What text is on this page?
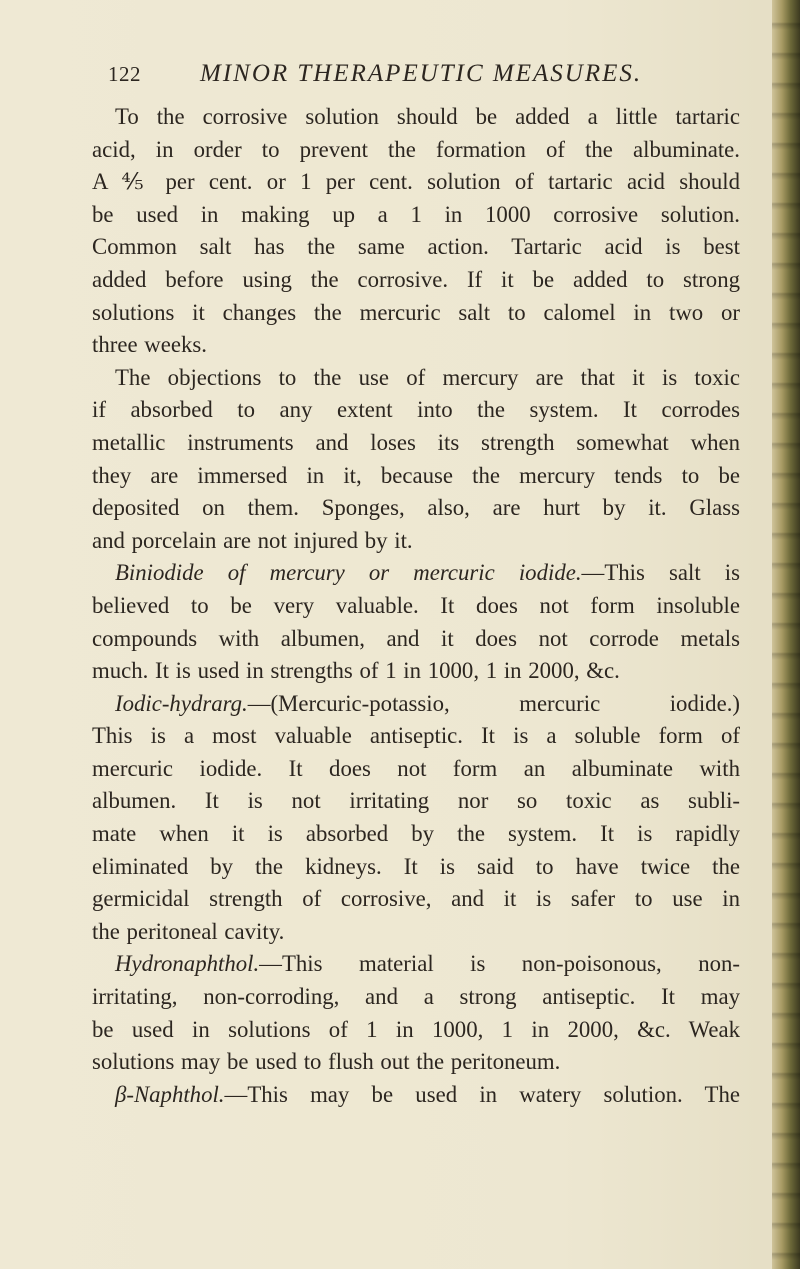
122 MINOR THERAPEUTIC MEASURES.
To the corrosive solution should be added a little tartaric
acid, in order to prevent the formation of the albuminate.
A ⅘ per cent. or 1 per cent. solution of tartaric acid should
be used in making up a 1 in 1000 corrosive solution.
Common salt has the same action. Tartaric acid is best
added before using the corrosive. If it be added to strong
solutions it changes the mercuric salt to calomel in two or
three weeks.
The objections to the use of mercury are that it is toxic
if absorbed to any extent into the system. It corrodes
metallic instruments and loses its strength somewhat when
they are immersed in it, because the mercury tends to be
deposited on them. Sponges, also, are hurt by it. Glass
and porcelain are not injured by it.
Biniodide of mercury or mercuric iodide.—This salt is
believed to be very valuable. It does not form insoluble
compounds with albumen, and it does not corrode metals
much. It is used in strengths of 1 in 1000, 1 in 2000, &c.
Iodic-hydrarg.—(Mercuric-potassio, mercuric iodide.)
This is a most valuable antiseptic. It is a soluble form of
mercuric iodide. It does not form an albuminate with
albumen. It is not irritating nor so toxic as subli-
mate when it is absorbed by the system. It is rapidly
eliminated by the kidneys. It is said to have twice the
germicidal strength of corrosive, and it is safer to use in
the peritoneal cavity.
Hydronaphthol.—This material is non-poisonous, non-
irritating, non-corroding, and a strong antiseptic. It may
be used in solutions of 1 in 1000, 1 in 2000, &c. Weak
solutions may be used to flush out the peritoneum.
β-Naphthol.—This may be used in watery solution. The
